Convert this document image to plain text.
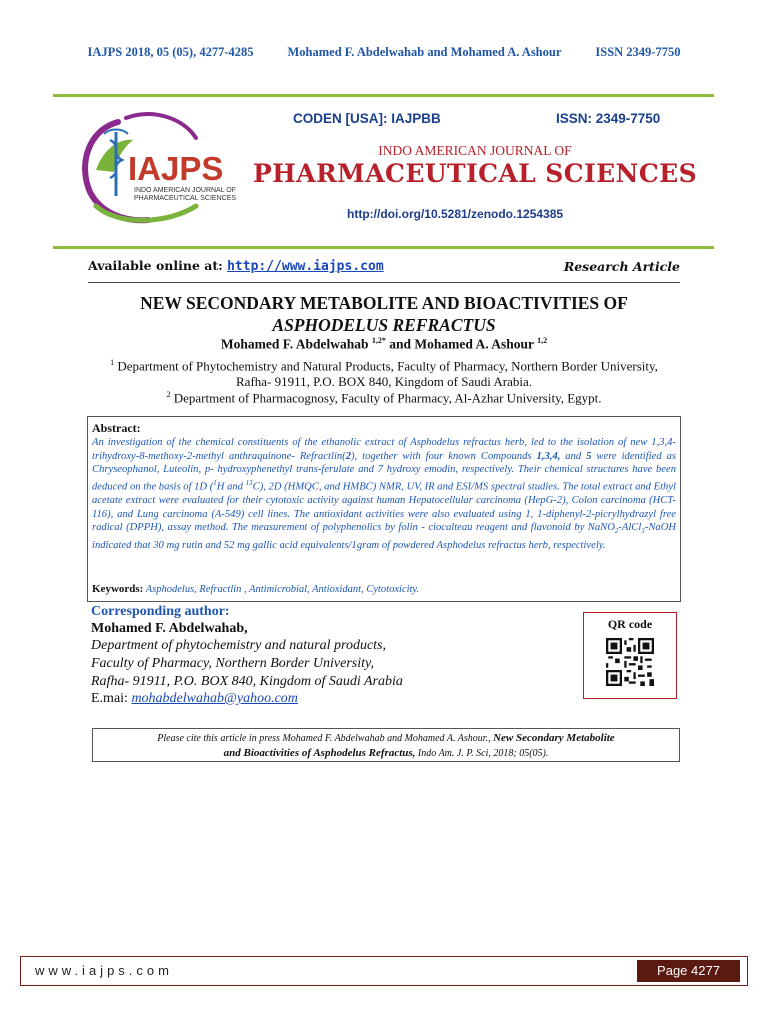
IAJPS 2018, 05 (05), 4277-4285	Mohamed F. Abdelwahab and Mohamed A. Ashour	ISSN 2349-7750
IAJPS
INDO AMERICAN JOURNAL OF
PHARMACEUTICAL SCIENCES
CODEN [USA]: IAJPBB	ISSN: 2349-7750
INDO AMERICAN JOURNAL OF
PHARMACEUTICAL SCIENCES
http://doi.org/10.5281/zenodo.1254385
Available online at: http://www.iajps.com	Research Article
NEW SECONDARY METABOLITE AND BIOACTIVITIES OF
ASPHODELUS REFRACTUS
Mohamed F. Abdelwahab $^{1,2*}$ and Mohamed A. Ashour $^{1,2}$
$^1$ Department of Phytochemistry and Natural Products, Faculty of Pharmacy, Northern Border University,
Rafha- 91911, P.O. BOX 840, Kingdom of Saudi Arabia.
$^2$ Department of Pharmacognosy, Faculty of Pharmacy, Al-Azhar University, Egypt.
Abstract:
An investigation of the chemical constituents of the ethanolic extract of Asphodelus refractus herb, led to the isolation of new 1,3,4-trihydroxy-8-methoxy-2-methyl anthraquinone- Refractlin(2), together with four known Compounds 1,3,4, and 5 were identified as Chryseophanol, Luteolin, p- hydroxyphenethyl trans-ferulate and 7 hydroxy emodin, respectively. Their chemical structures have been deduced on the basis of 1D ($^1$H and $^{13}$C), 2D (HMQC, and HMBC) NMR, UV, IR and ESI/MS spectral studies. The total extract and Ethyl acetate extract were evaluated for their cytotoxic activity against human Hepatocellular carcinoma (HepG-2), Colon carcinoma (HCT-116), and Lung carcinoma (A-549) cell lines. The antioxidant activities were also evaluated using 1, 1-diphenyl-2-picrylhydrazyl free radical (DPPH), assay method. The measurement of polyphenolics by folin - ciocalteau reagent and flavonoid by NaNO$_2$-AlCl$_3$-NaOH indicated that 30 mg rutin and 52 mg gallic acid equivalents/1gram of powdered Asphodelus refractus herb, respectively.
Keywords: Asphodelus, Refractlin , Antimicrobial, Antioxidant, Cytotoxicity.
Corresponding author:
Mohamed F. Abdelwahab,
Department of phytochemistry and natural products,
Faculty of Pharmacy, Northern Border University,
Rafha- 91911, P.O. BOX 840, Kingdom of Saudi Arabia
E.mai: mohabdelwahab@yahoo.com
QR code
Please cite this article in press Mohamed F. Abdelwahab and Mohamed A. Ashour., New Secondary Metabolite
and Bioactivities of Asphodelus Refractus, Indo Am. J. P. Sci, 2018; 05(05).
www.iajps.com	Page 4277
